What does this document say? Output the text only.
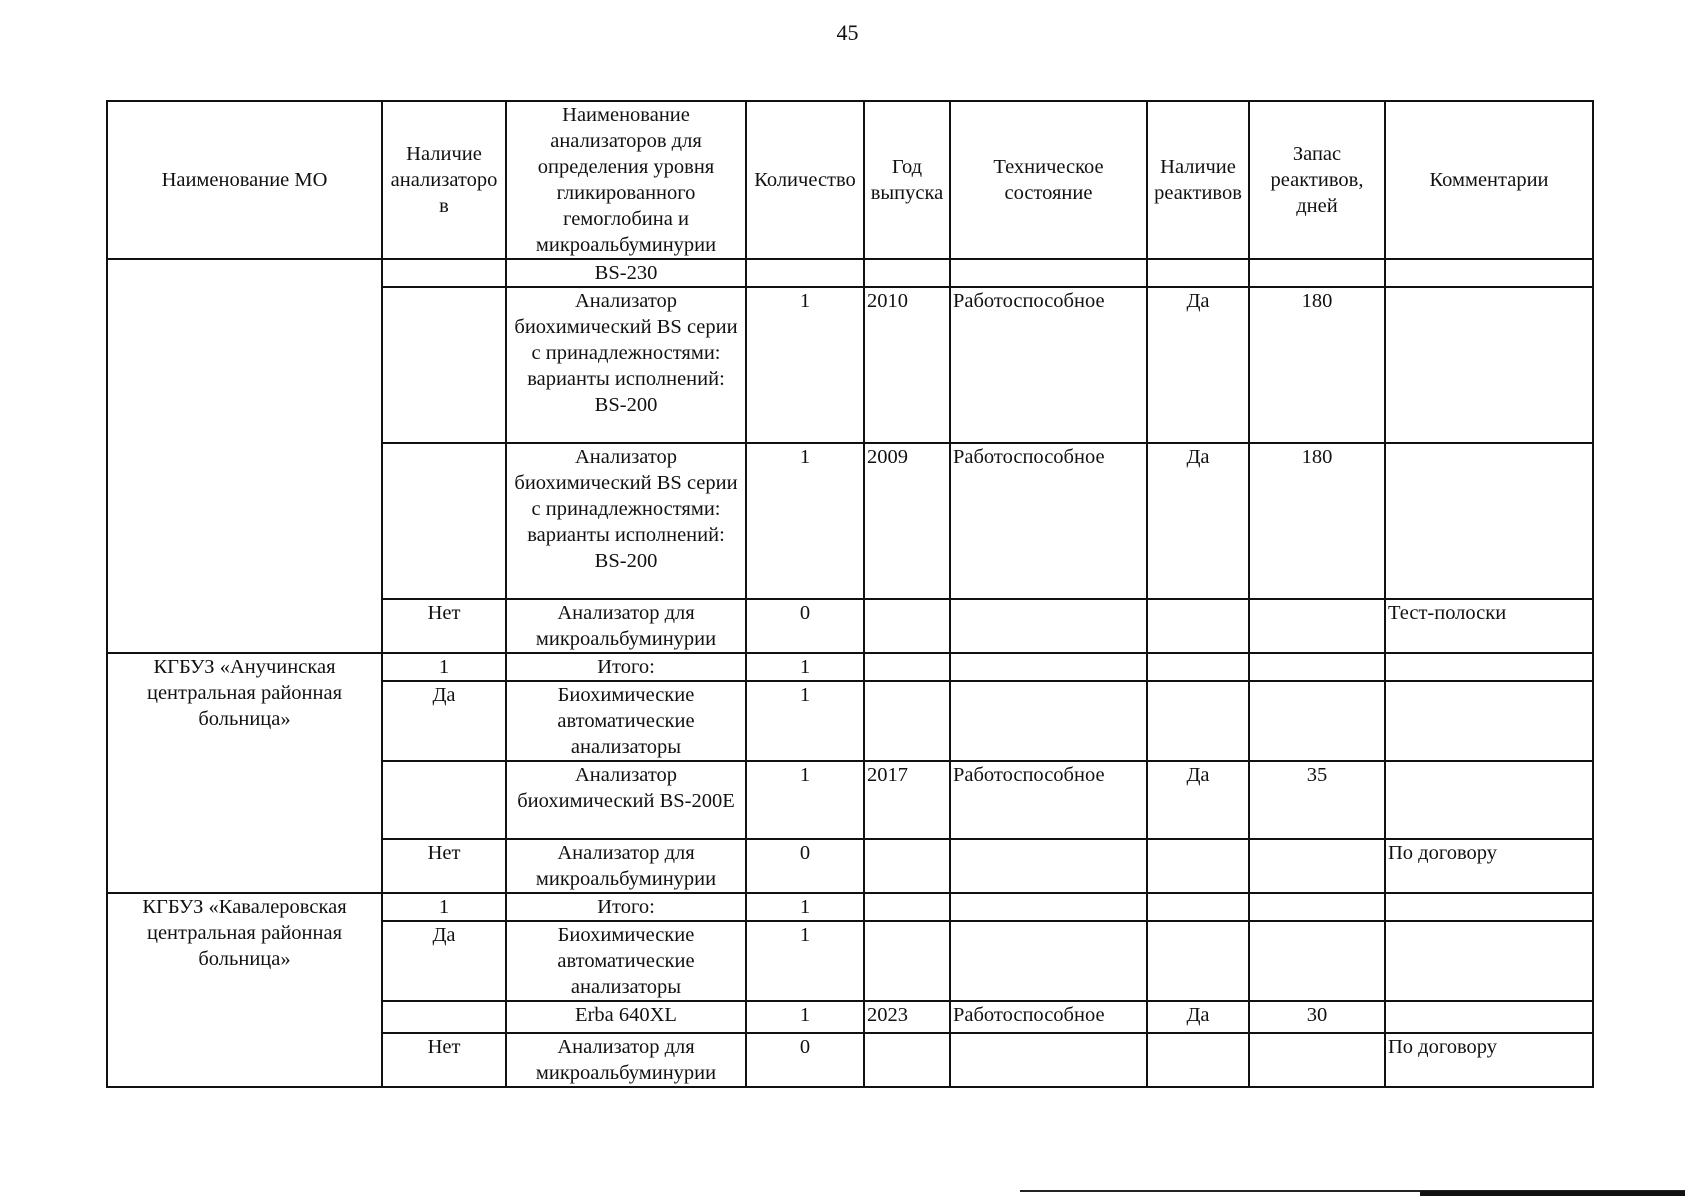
45
Наименование МО	Наличие анализаторо в	Наименование анализаторов для определения уровня гликированного гемоглобина и микроальбуминурии	Количество	Год выпуска	Техническое состояние	Наличие реактивов	Запас реактивов, дней	Комментарии
		BS-230						
		Анализатор биохимический BS серии с принадлежностями: варианты исполнений: BS-200	1	2010	Работоспособное	Да	180	
		Анализатор биохимический BS серии с принадлежностями: варианты исполнений: BS-200	1	2009	Работоспособное	Да	180	
	Нет	Анализатор для микроальбуминурии	0					Тест-полоски
КГБУЗ «Анучинская центральная районная больница»	1	Итого:	1					
	Да	Биохимические автоматические анализаторы	1					
		Анализатор биохимический BS-200E	1	2017	Работоспособное	Да	35	
	Нет	Анализатор для микроальбуминурии	0					По договору
КГБУЗ «Кавалеровская центральная районная больница»	1	Итого:	1					
	Да	Биохимические автоматические анализаторы	1					
		Erba 640XL	1	2023	Работоспособное	Да	30	
	Нет	Анализатор для микроальбуминурии	0					По договору
